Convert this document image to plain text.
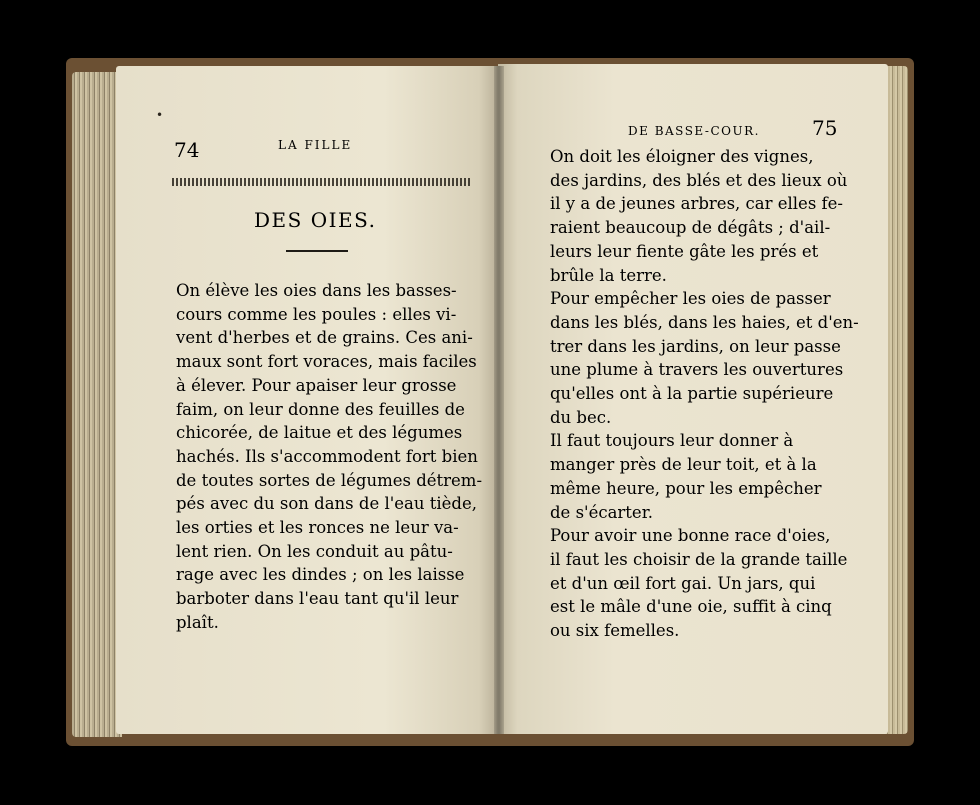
•
74	LA FILLE
DES OIES.
On élève les oies dans les basses-
cours comme les poules : elles vi-
vent d'herbes et de grains. Ces ani-
maux sont fort voraces, mais faciles
à élever. Pour apaiser leur grosse
faim, on leur donne des feuilles de
chicorée, de laitue et des légumes
hachés. Ils s'accommodent fort bien
de toutes sortes de légumes détrem-
pés avec du son dans de l'eau tiède,
les orties et les ronces ne leur va-
lent rien. On les conduit au pâtu-
rage avec les dindes ; on les laisse
barboter dans l'eau tant qu'il leur
plaît.
DE BASSE-COUR.	75
On doit les éloigner des vignes,
des jardins, des blés et des lieux où
il y a de jeunes arbres, car elles fe-
raient beaucoup de dégâts ; d'ail-
leurs leur fiente gâte les prés et
brûle la terre.
Pour empêcher les oies de passer
dans les blés, dans les haies, et d'en-
trer dans les jardins, on leur passe
une plume à travers les ouvertures
qu'elles ont à la partie supérieure
du bec.
Il faut toujours leur donner à
manger près de leur toit, et à la
même heure, pour les empêcher
de s'écarter.
Pour avoir une bonne race d'oies,
il faut les choisir de la grande taille
et d'un œil fort gai. Un jars, qui
est le mâle d'une oie, suffit à cinq
ou six femelles.
